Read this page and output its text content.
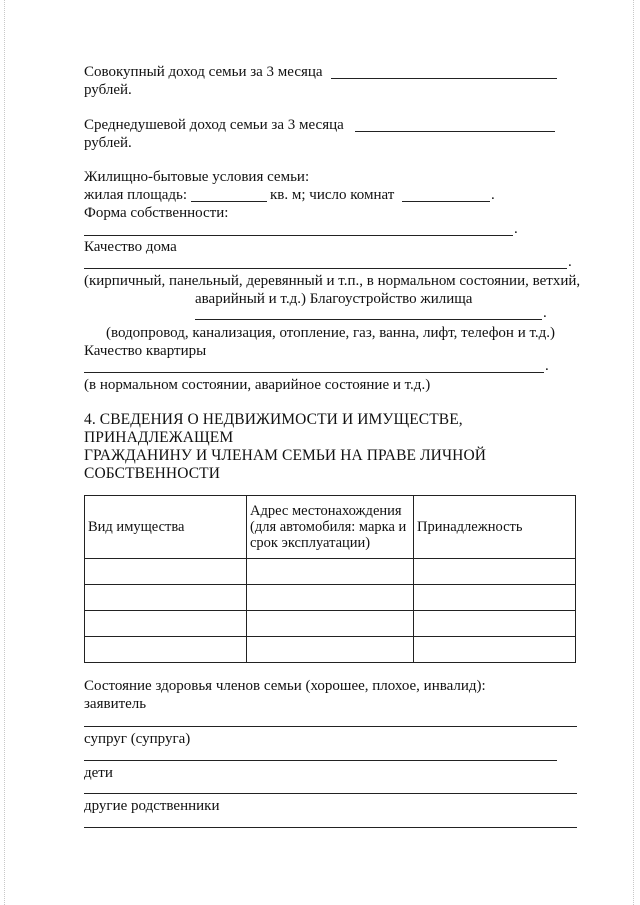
Совокупный доход семьи за 3 месяца
рублей.
Среднедушевой доход семьи за 3 месяца
рублей.
Жилищно-бытовые условия семьи:
жилая площадь:	кв. м; число комнат	.
Форма собственности:
.
Качество дома
.
(кирпичный, панельный, деревянный и т.п., в нормальном состоянии, ветхий,
аварийный и т.д.) Благоустройство жилища
.
(водопровод, канализация, отопление, газ, ванна, лифт, телефон и т.д.)
Качество квартиры
.
(в нормальном состоянии, аварийное состояние и т.д.)
4. СВЕДЕНИЯ О НЕДВИЖИМОСТИ И ИМУЩЕСТВЕ,
ПРИНАДЛЕЖАЩЕМ
ГРАЖДАНИНУ И ЧЛЕНАМ СЕМЬИ НА ПРАВЕ ЛИЧНОЙ
СОБСТВЕННОСТИ
Вид имущества	Адрес местонахождения (для автомобиля: марка и срок эксплуатации)	Принадлежность

Состояние здоровья членов семьи (хорошее, плохое, инвалид):
заявитель
супруг (супруга)
дети
другие родственники
